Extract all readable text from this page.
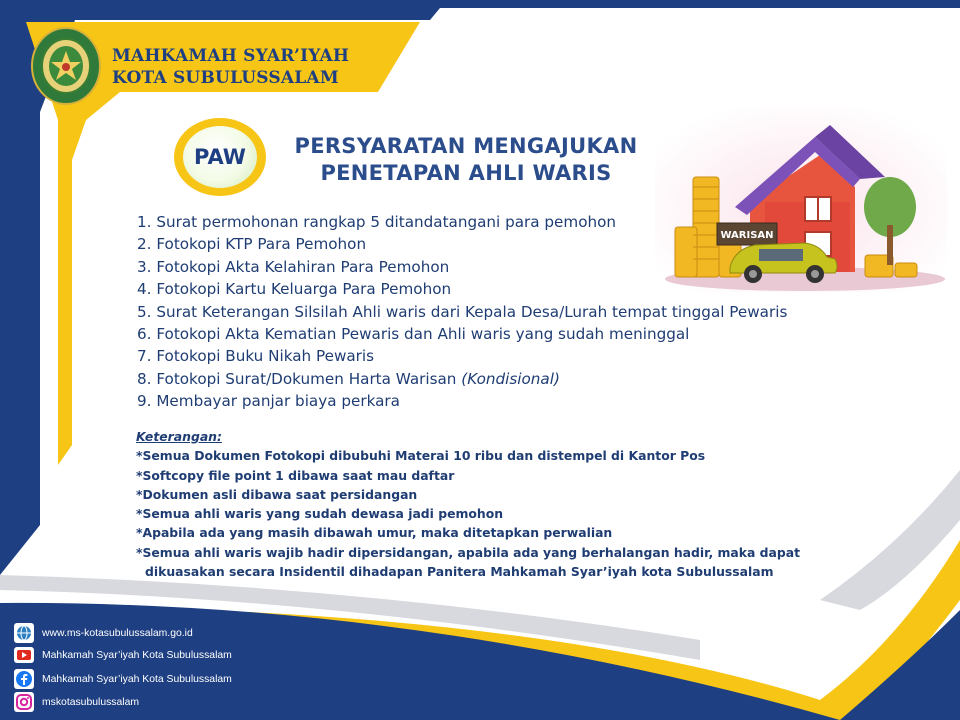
MAHKAMAH SYAR’IYAH
KOTA SUBULUSSALAM
PAW	PERSYARATAN MENGAJUKAN
PENETAPAN AHLI WARIS
WARISAN
1. Surat permohonan rangkap 5 ditandatangani para pemohon
2. Fotokopi KTP Para Pemohon
3. Fotokopi Akta Kelahiran Para Pemohon
4. Fotokopi Kartu Keluarga Para Pemohon
5. Surat Keterangan Silsilah Ahli waris dari Kepala Desa/Lurah tempat tinggal Pewaris
6. Fotokopi Akta Kematian Pewaris dan Ahli waris yang sudah meninggal
7. Fotokopi Buku Nikah Pewaris
8. Fotokopi Surat/Dokumen Harta Warisan (Kondisional)
9. Membayar panjar biaya perkara
Keterangan:
*Semua Dokumen Fotokopi dibubuhi Materai 10 ribu dan distempel di Kantor Pos
*Softcopy file point 1 dibawa saat mau daftar
*Dokumen asli dibawa saat persidangan
*Semua ahli waris yang sudah dewasa jadi pemohon
*Apabila ada yang masih dibawah umur, maka ditetapkan perwalian
*Semua ahli waris wajib hadir dipersidangan, apabila ada yang berhalangan hadir, maka dapat
dikuasakan secara Insidentil dihadapan Panitera Mahkamah Syar’iyah kota Subulussalam
www.ms-kotasubulussalam.go.id
Mahkamah Syar’iyah Kota Subulussalam
Mahkamah Syar’iyah Kota Subulussalam
mskotasubulussalam
